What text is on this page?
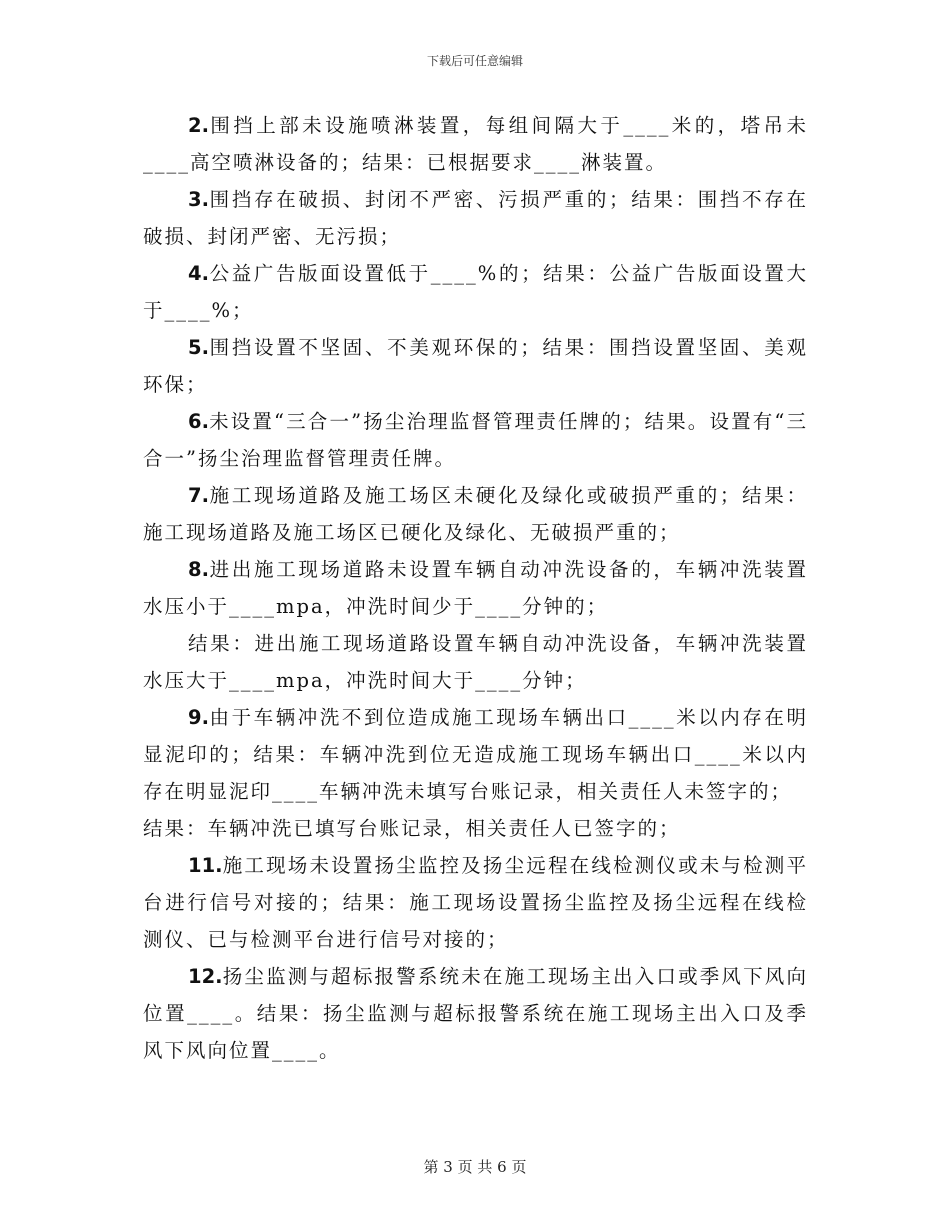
下载后可任意编辑

2.围挡上部未设施喷淋装置，每组间隔大于____米的，塔吊未____高空喷淋设备的；结果：已根据要求____淋装置。

3.围挡存在破损、封闭不严密、污损严重的；结果：围挡不存在破损、封闭严密、无污损；

4.公益广告版面设置低于____%的；结果：公益广告版面设置大于____%；

5.围挡设置不坚固、不美观环保的；结果：围挡设置坚固、美观环保；

6.未设置“三合一”扬尘治理监督管理责任牌的；结果。设置有“三合一”扬尘治理监督管理责任牌。

7.施工现场道路及施工场区未硬化及绿化或破损严重的；结果：施工现场道路及施工场区已硬化及绿化、无破损严重的；

8.进出施工现场道路未设置车辆自动冲洗设备的，车辆冲洗装置水压小于____mpa，冲洗时间少于____分钟的；

结果：进出施工现场道路设置车辆自动冲洗设备，车辆冲洗装置水压大于____mpa，冲洗时间大于____分钟；

9.由于车辆冲洗不到位造成施工现场车辆出口____米以内存在明显泥印的；结果：车辆冲洗到位无造成施工现场车辆出口____米以内存在明显泥印____车辆冲洗未填写台账记录，相关责任人未签字的；

结果：车辆冲洗已填写台账记录，相关责任人已签字的；

11.施工现场未设置扬尘监控及扬尘远程在线检测仪或未与检测平台进行信号对接的；结果：施工现场设置扬尘监控及扬尘远程在线检测仪、已与检测平台进行信号对接的；

12.扬尘监测与超标报警系统未在施工现场主出入口或季风下风向位置____。结果：扬尘监测与超标报警系统在施工现场主出入口及季风下风向位置____。

第 3 页 共 6 页
